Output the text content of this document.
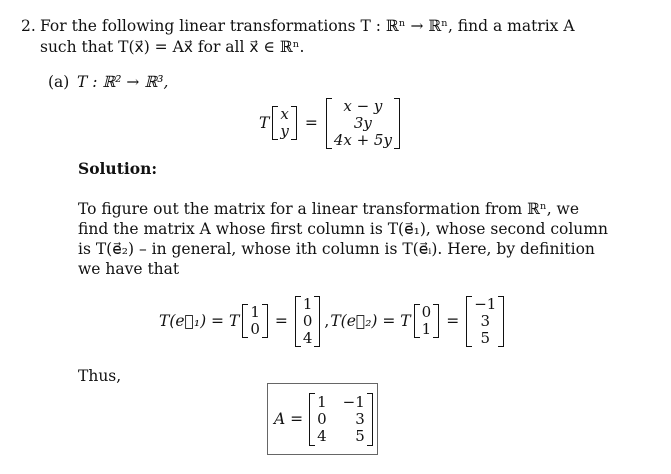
2. For the following linear transformations T : ℝⁿ → ℝⁿ, find a matrix A
such that T(x⃗) = Ax⃗ for all x⃗ ∈ ℝⁿ.
(a) T : ℝ² → ℝ³,
T x
y =
x − y
3y
4x + 5y
Solution:
To figure out the matrix for a linear transformation from ℝⁿ, we
find the matrix A whose first column is T(e⃗₁), whose second column
is T(e⃗₂) – in general, whose ith column is T(e⃗ᵢ). Here, by definition
we have that
T(e⃗₁) = T 1
0 =
1
0
4
, T(e⃗₂) = T 0
1 =
−1
3
5
Thus,
A =
1 −1
0	3
4	5
